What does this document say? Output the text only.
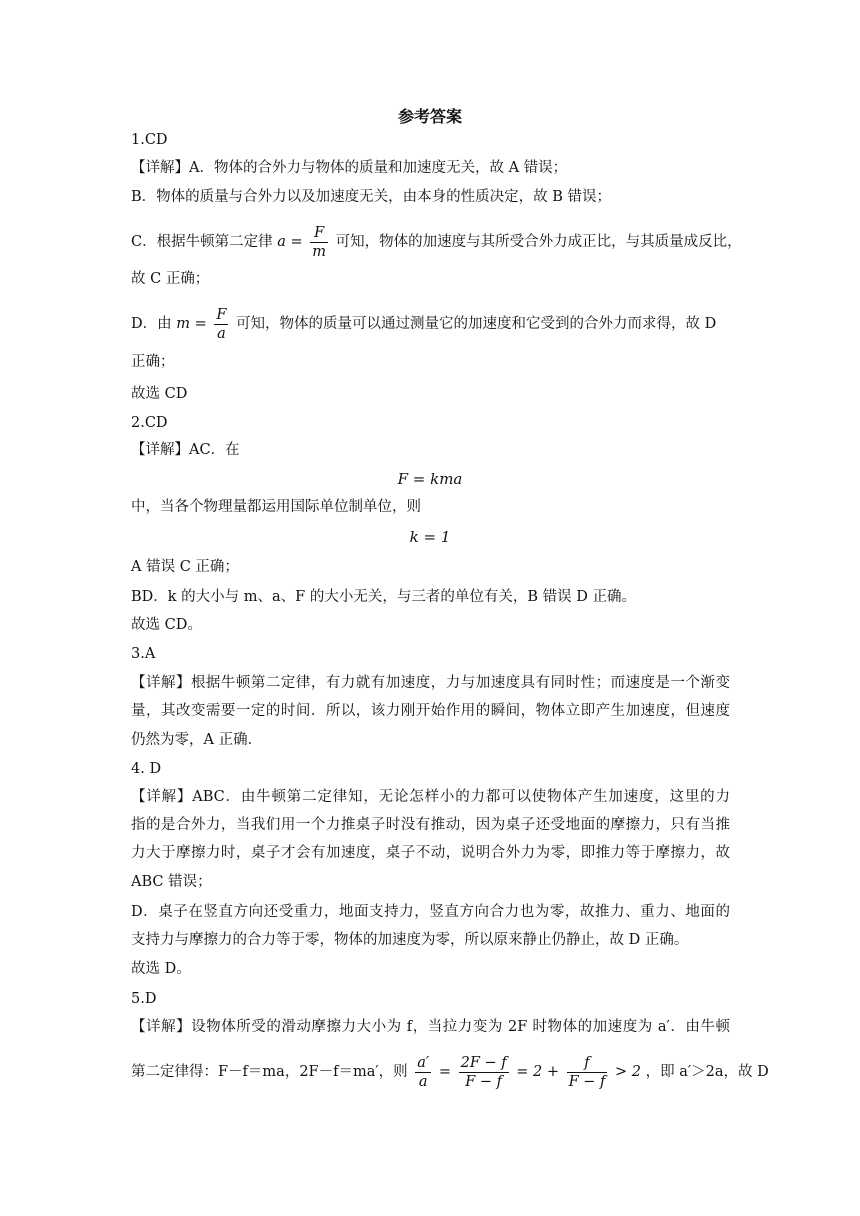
参考答案
1.CD
【详解】A．物体的合外力与物体的质量和加速度无关，故 A 错误；
B．物体的质量与合外力以及加速度无关，由本身的性质决定，故 B 错误；
C．根据牛顿第二定律 $a = \frac{F}{m}$ 可知，物体的加速度与其所受合外力成正比，与其质量成反比，
故 C 正确；
D．由 $m = \frac{F}{a}$ 可知，物体的质量可以通过测量它的加速度和它受到的合外力而求得，故 D
正确；
故选 CD
2.CD
【详解】AC．在
F = kma
中，当各个物理量都运用国际单位制单位，则
k = 1
A 错误 C 正确；
BD．k 的大小与 m、a、F 的大小无关，与三者的单位有关，B 错误 D 正确。
故选 CD。
3.A
【详解】根据牛顿第二定律，有力就有加速度，力与加速度具有同时性；而速度是一个渐变
量，其改变需要一定的时间．所以，该力刚开始作用的瞬间，物体立即产生加速度，但速度
仍然为零，A 正确．
4. D
【详解】ABC．由牛顿第二定律知，无论怎样小的力都可以使物体产生加速度，这里的力
指的是合外力，当我们用一个力推桌子时没有推动，因为桌子还受地面的摩擦力，只有当推
力大于摩擦力时，桌子才会有加速度，桌子不动，说明合外力为零，即推力等于摩擦力，故
ABC 错误；
D．桌子在竖直方向还受重力，地面支持力，竖直方向合力也为零，故推力、重力、地面的
支持力与摩擦力的合力等于零，物体的加速度为零，所以原来静止仍静止，故 D 正确。
故选 D。
5.D
【详解】设物体所受的滑动摩擦力大小为 f，当拉力变为 2F 时物体的加速度为 a′．由牛顿
第二定律得：F－f＝ma，2F－f＝ma′，则 $\frac{a'}{a} = \frac{2F - f}{F - f} = 2 + \frac{f}{F - f} > 2$ ，即 a′＞2a，故 D
